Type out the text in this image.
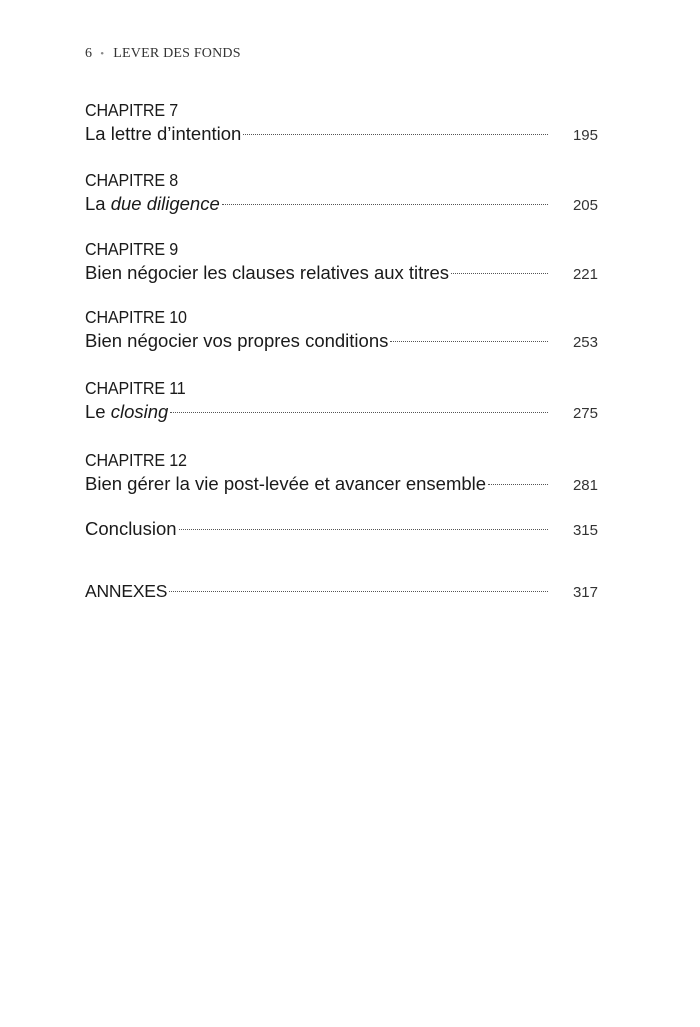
6 • LEVER DES FONDS
CHAPITRE 7
La lettre d’intention	195
CHAPITRE 8
La due diligence	205
CHAPITRE 9
Bien négocier les clauses relatives aux titres	221
CHAPITRE 10
Bien négocier vos propres conditions	253
CHAPITRE 11
Le closing	275
CHAPITRE 12
Bien gérer la vie post-levée et avancer ensemble	281
Conclusion	315
ANNEXES	317
